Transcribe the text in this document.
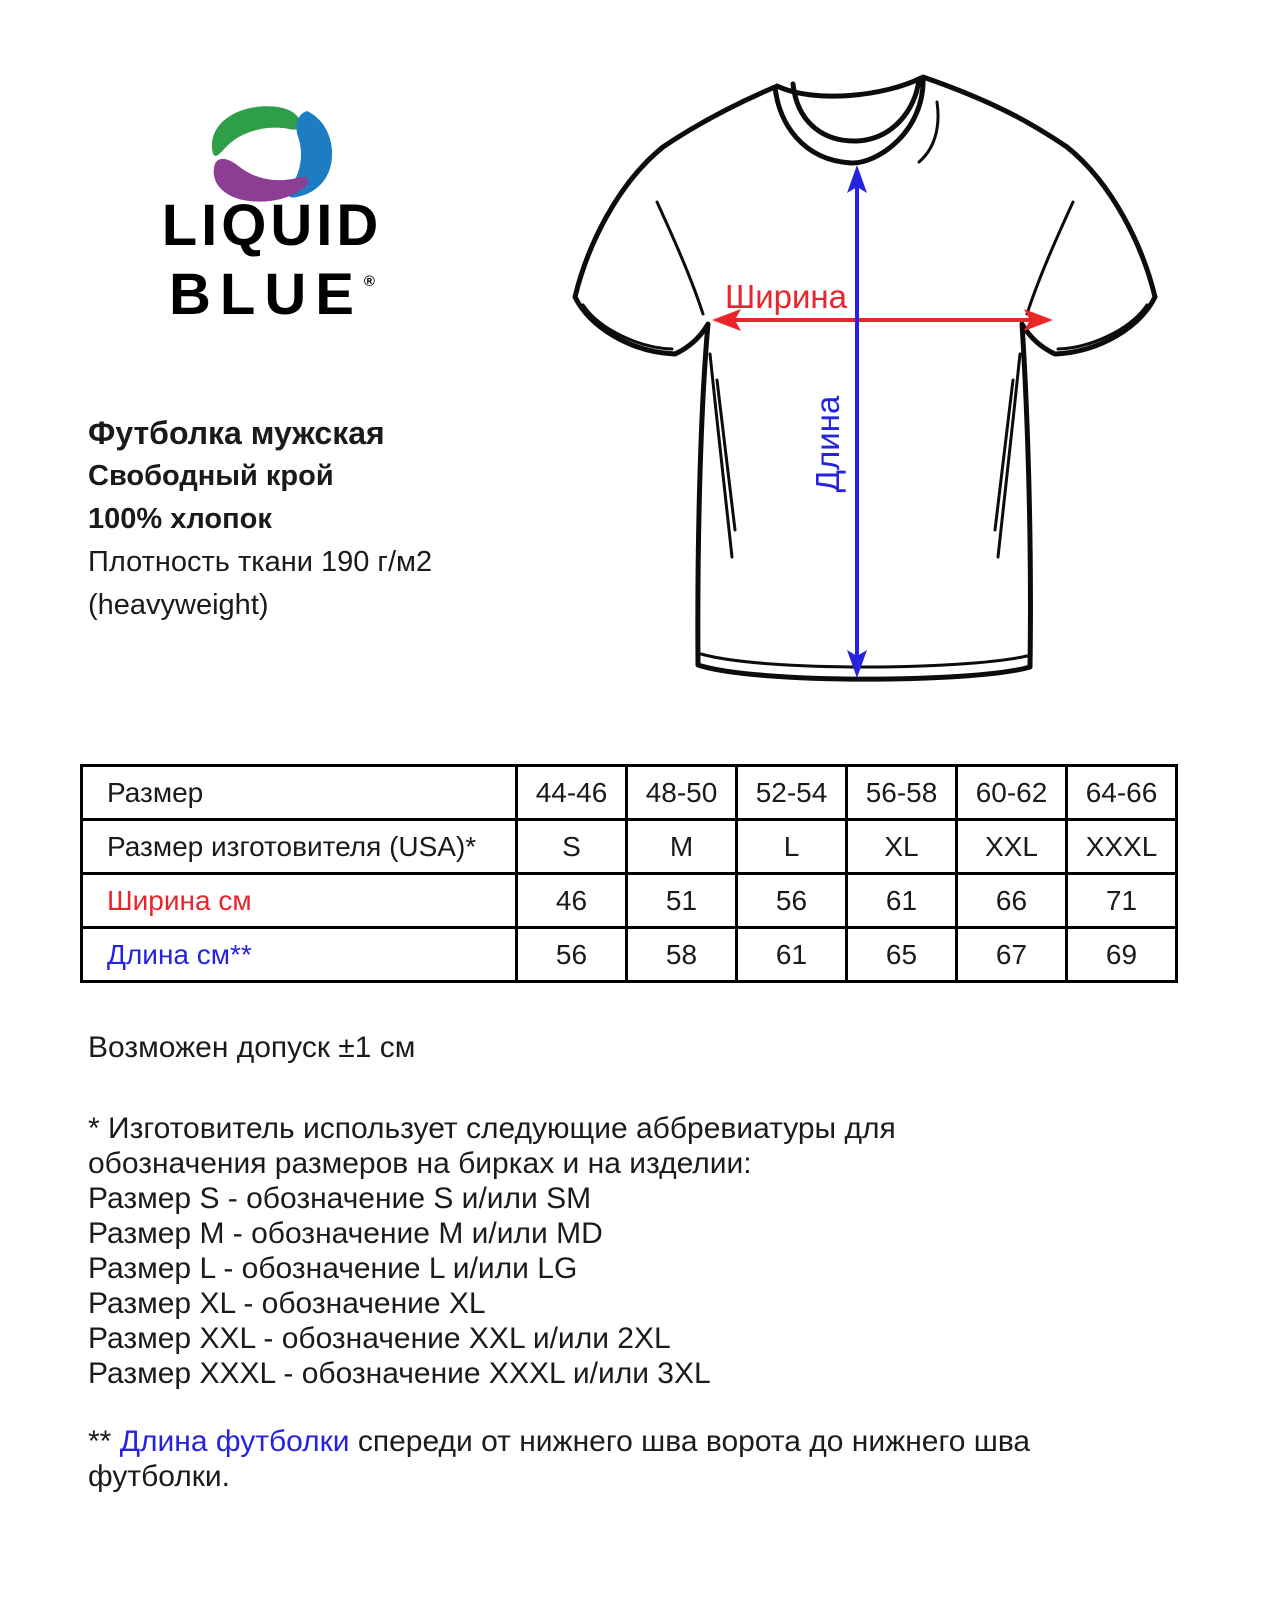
LIQUID
BLUE®
Футболка мужская
Свободный крой
100% хлопок
Плотность ткани 190 г/м2
(heavyweight)
Ширина
Длина
Размер	44-46	48-50	52-54	56-58	60-62	64-66
Размер изготовителя (USA)*	S	M	L	XL	XXL	XXXL
Ширина см	46	51	56	61	66	71
Длина см**	56	58	61	65	67	69
Возможен допуск ±1 см
* Изготовитель использует следующие аббревиатуры для
обозначения размеров на бирках и на изделии:
Размер S - обозначение S и/или SM
Размер M - обозначение M и/или MD
Размер L - обозначение L и/или LG
Размер XL - обозначение XL
Размер XXL - обозначение XXL и/или 2XL
Размер XXXL - обозначение XXXL и/или 3XL
** Длина футболки спереди от нижнего шва ворота до нижнего шва футболки.
